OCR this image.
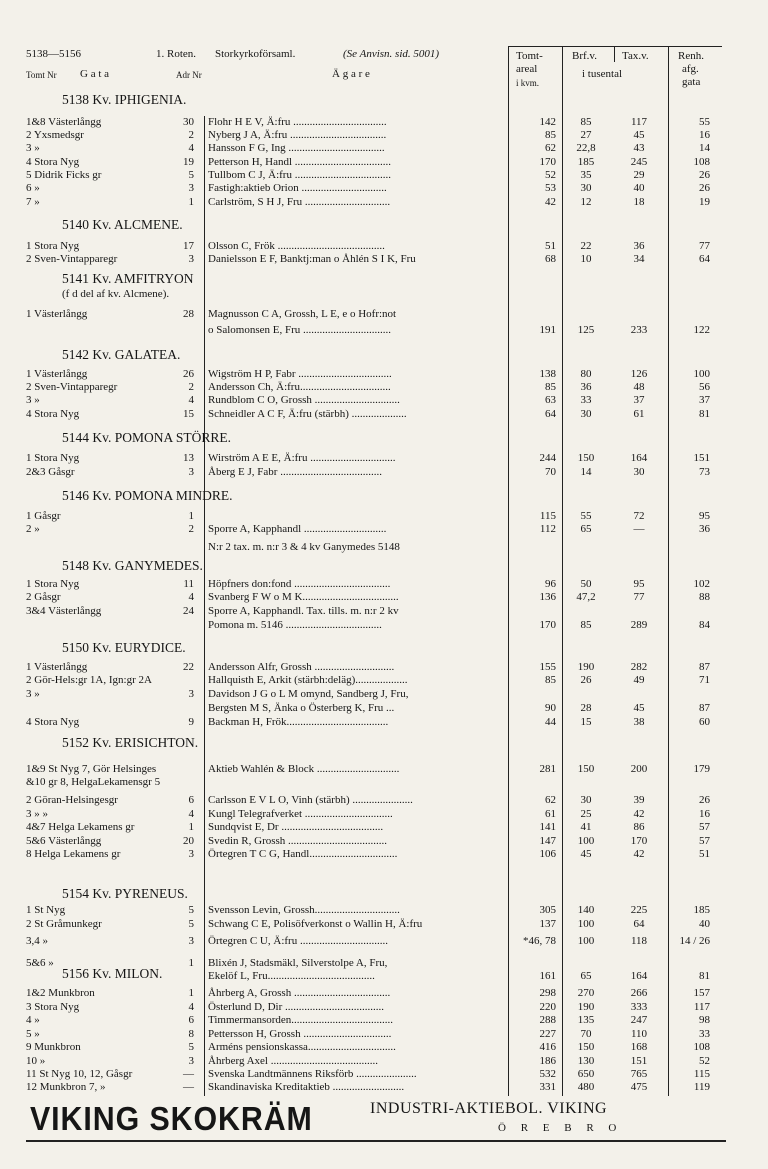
5138—5156	1. Roten. Storkyrkoförsaml.	(Se Anvisn. sid. 5001)
Tomt Nr G a t a	Adr Nr	Ä g a r e
Tomt-
areal
i kvm.
Brf.v. Tax.v.
i tusental
Renh.
afg.
gata
5138 Kv. IPHIGENIA.
5140 Kv. ALCMENE.
5141 Kv. AMFITRYON
(f d del af kv. Alcmene).
5142 Kv. GALATEA.
5144 Kv. POMONA STÖRRE.
5146 Kv. POMONA MINDRE.
5148 Kv. GANYMEDES.
5150 Kv. EURYDICE.
5152 Kv. ERISICHTON.
5154 Kv. PYRENEUS.
5156 Kv. MILON.
1&8 Västerlångg	30 Flohr H E V, Ä:fru ..................................	142	85	117	55
2 Yxsmedsgr	2 Nyberg J A, Ä:fru ...................................	85	27	45	16
3 »	4 Hansson F G, Ing ...................................	62	22,8	43	14
4 Stora Nyg	19 Petterson H, Handl ...................................	170	185	245	108
5 Didrik Ficks gr	5 Tullbom C J, Ä:fru ...................................	52	35	29	26
6 »	3 Fastigh:aktieb Orion ...............................	53	30	40	26
7 »	1 Carlström, S H J, Fru ...............................	42	12	18	19
1 Stora Nyg	17 Olsson C, Frök .......................................	51	22	36	77
2 Sven-Vintapparegr	3 Danielsson E F, Banktj:man o Åhlén S I K, Fru	68	10	34	64
1 Västerlångg	28 Magnusson C A, Grossh, L E, e o Hofr:not
o Salomonsen E, Fru ................................	191	125	233	122
1 Västerlångg	26 Wigström H P, Fabr ..................................	138	80	126	100
2 Sven-Vintapparegr	2 Andersson Ch, Ä:fru.................................	85	36	48	56
3 »	4 Rundblom C O, Grossh ...............................	63	33	37	37
4 Stora Nyg	15 Schneidler A C F, Ä:fru (stärbh) ....................	64	30	61	81
1 Stora Nyg	13 Wirström A E E, Ä:fru ...............................	244	150	164	151
2&3 Gåsgr	3 Åberg E J, Fabr .....................................	70	14	30	73
1 Gåsgr	1	115	55	72	95
2 »	2 Sporre A, Kapphandl ..............................	112	65	—	36
N:r 2 tax. m. n:r 3 & 4 kv Ganymedes 5148
1 Stora Nyg	11 Höpfners don:fond ...................................	96	50	95	102
2 Gåsgr	4 Svanberg F W o M K...................................	136	47,2	77	88
3&4 Västerlångg	24 Sporre A, Kapphandl. Tax. tills. m. n:r 2 kv
Pomona m. 5146 ...................................	170	85	289	84
1 Västerlångg	22 Andersson Alfr, Grossh .............................	155	190	282	87
2 Gör-Hels:gr 1A, Ign:gr 2A	Hallquisth E, Arkit (stärbh:deläg)...................	85	26	49	71
3 »	3 Davidson J G o L M omynd, Sandberg J, Fru,
Bergsten M S, Änka o Österberg K, Fru ...	90	28	45	87
4 Stora Nyg	9 Backman H, Frök.....................................	44	15	38	60
1&9 St Nyg 7, Gör Helsinges	Aktieb Wahlén & Block ..............................	281	150	200	179
&10 gr 8, HelgaLekamensgr 5
2 Göran-Helsingesgr	6 Carlsson E V L O, Vinh (stärbh) ......................	62	30	39	26
3 » »	4 Kungl Telegrafverket ................................	61	25	42	16
4&7 Helga Lekamens gr	1 Sundqvist E, Dr .....................................	141	41	86	57
5&6 Västerlångg	20 Svedin R, Grossh ....................................	147	100	170	57
8 Helga Lekamens gr	3 Örtegren T C G, Handl................................	106	45	42	51
1 St Nyg	5 Svensson Levin, Grossh...............................	305	140	225	185
2 St Gråmunkegr	5 Schwang C E, Polisöfverkonst o Wallin H, Ä:fru	137	100	64	40
3,4 »	3 Örtegren C U, Ä:fru ................................	*46, 78	100	118	14 / 26
5&6 »	1 Blixén J, Stadsmäkl, Silverstolpe A, Fru,
Ekelöf L, Fru.......................................	161	65	164	81
1&2 Munkbron	1 Åhrberg A, Grossh ...................................	298	270	266	157
3 Stora Nyg	4 Österlund D, Dir ....................................	220	190	333	117
4 »	6 Timmermansorden.....................................	288	135	247	98
5 »	8 Pettersson H, Grossh ................................	227	70	110	33
9 Munkbron	5 Arméns pensionskassa................................	416	150	168	108
10 »	3 Åhrberg Axel .......................................	186	130	151	52
11 St Nyg 10, 12, Gåsgr	— Svenska Landtmännens Riksförb ......................	532	650	765	115
12 Munkbron 7, »	— Skandinaviska Kreditaktieb ..........................	331	480	475	119
VIKING SKOKRÄM	INDUSTRI-AKTIEBOL. VIKING
Ö R E B R O
